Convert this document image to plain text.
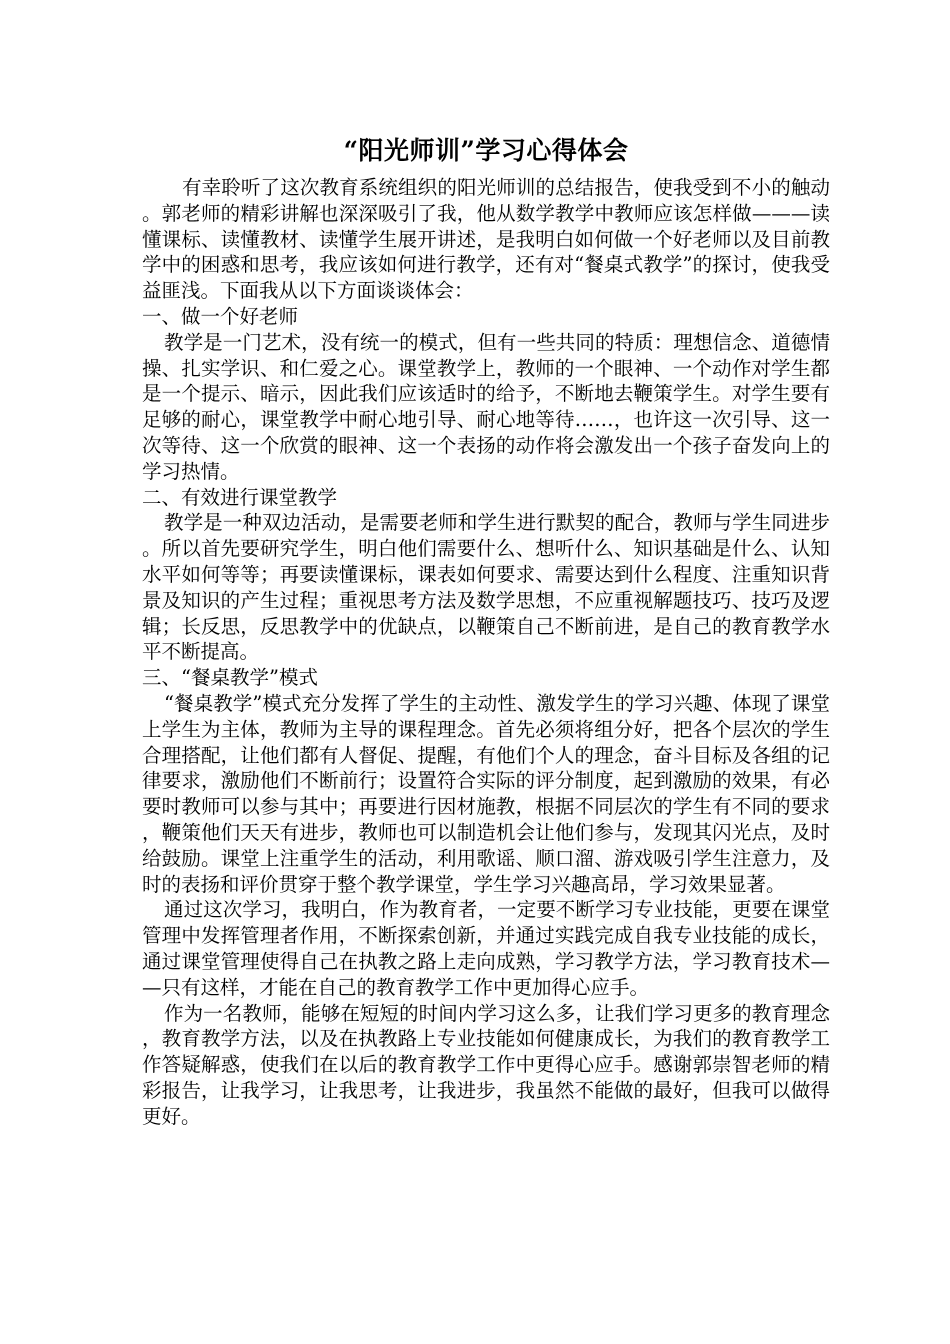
“阳光师训”学习心得体会

有幸聆听了这次教育系统组织的阳光师训的总结报告，使我受到不小的触动。郭老师的精彩讲解也深深吸引了我，他从数学教学中教师应该怎样做———读懂课标、读懂教材、读懂学生展开讲述，是我明白如何做一个好老师以及目前教学中的困惑和思考，我应该如何进行教学，还有对“餐桌式教学”的探讨，使我受益匪浅。下面我从以下方面谈谈体会：

一、做一个好老师

教学是一门艺术，没有统一的模式，但有一些共同的特质：理想信念、道德情操、扎实学识、和仁爱之心。课堂教学上，教师的一个眼神、一个动作对学生都是一个提示、暗示，因此我们应该适时的给予，不断地去鞭策学生。对学生要有足够的耐心，课堂教学中耐心地引导、耐心地等待……，也许这一次引导、这一次等待、这一个欣赏的眼神、这一个表扬的动作将会激发出一个孩子奋发向上的学习热情。

二、有效进行课堂教学

教学是一种双边活动，是需要老师和学生进行默契的配合，教师与学生同进步。所以首先要研究学生，明白他们需要什么、想听什么、知识基础是什么、认知水平如何等等；再要读懂课标，课表如何要求、需要达到什么程度、注重知识背景及知识的产生过程；重视思考方法及数学思想，不应重视解题技巧、技巧及逻辑；长反思，反思教学中的优缺点，以鞭策自己不断前进，是自己的教育教学水平不断提高。

三、“餐桌教学”模式

“餐桌教学”模式充分发挥了学生的主动性、激发学生的学习兴趣、体现了课堂上学生为主体，教师为主导的课程理念。首先必须将组分好，把各个层次的学生合理搭配，让他们都有人督促、提醒，有他们个人的理念，奋斗目标及各组的记律要求，激励他们不断前行；设置符合实际的评分制度，起到激励的效果，有必要时教师可以参与其中；再要进行因材施教，根据不同层次的学生有不同的要求，鞭策他们天天有进步，教师也可以制造机会让他们参与，发现其闪光点，及时给鼓励。课堂上注重学生的活动，利用歌谣、顺口溜、游戏吸引学生注意力，及时的表扬和评价贯穿于整个教学课堂，学生学习兴趣高昂，学习效果显著。

通过这次学习，我明白，作为教育者，一定要不断学习专业技能，更要在课堂管理中发挥管理者作用，不断探索创新，并通过实践完成自我专业技能的成长，通过课堂管理使得自己在执教之路上走向成熟，学习教学方法，学习教育技术——只有这样，才能在自己的教育教学工作中更加得心应手。

作为一名教师，能够在短短的时间内学习这么多，让我们学习更多的教育理念，教育教学方法，以及在执教路上专业技能如何健康成长，为我们的教育教学工作答疑解惑，使我们在以后的教育教学工作中更得心应手。感谢郭崇智老师的精彩报告，让我学习，让我思考，让我进步，我虽然不能做的最好，但我可以做得更好。
